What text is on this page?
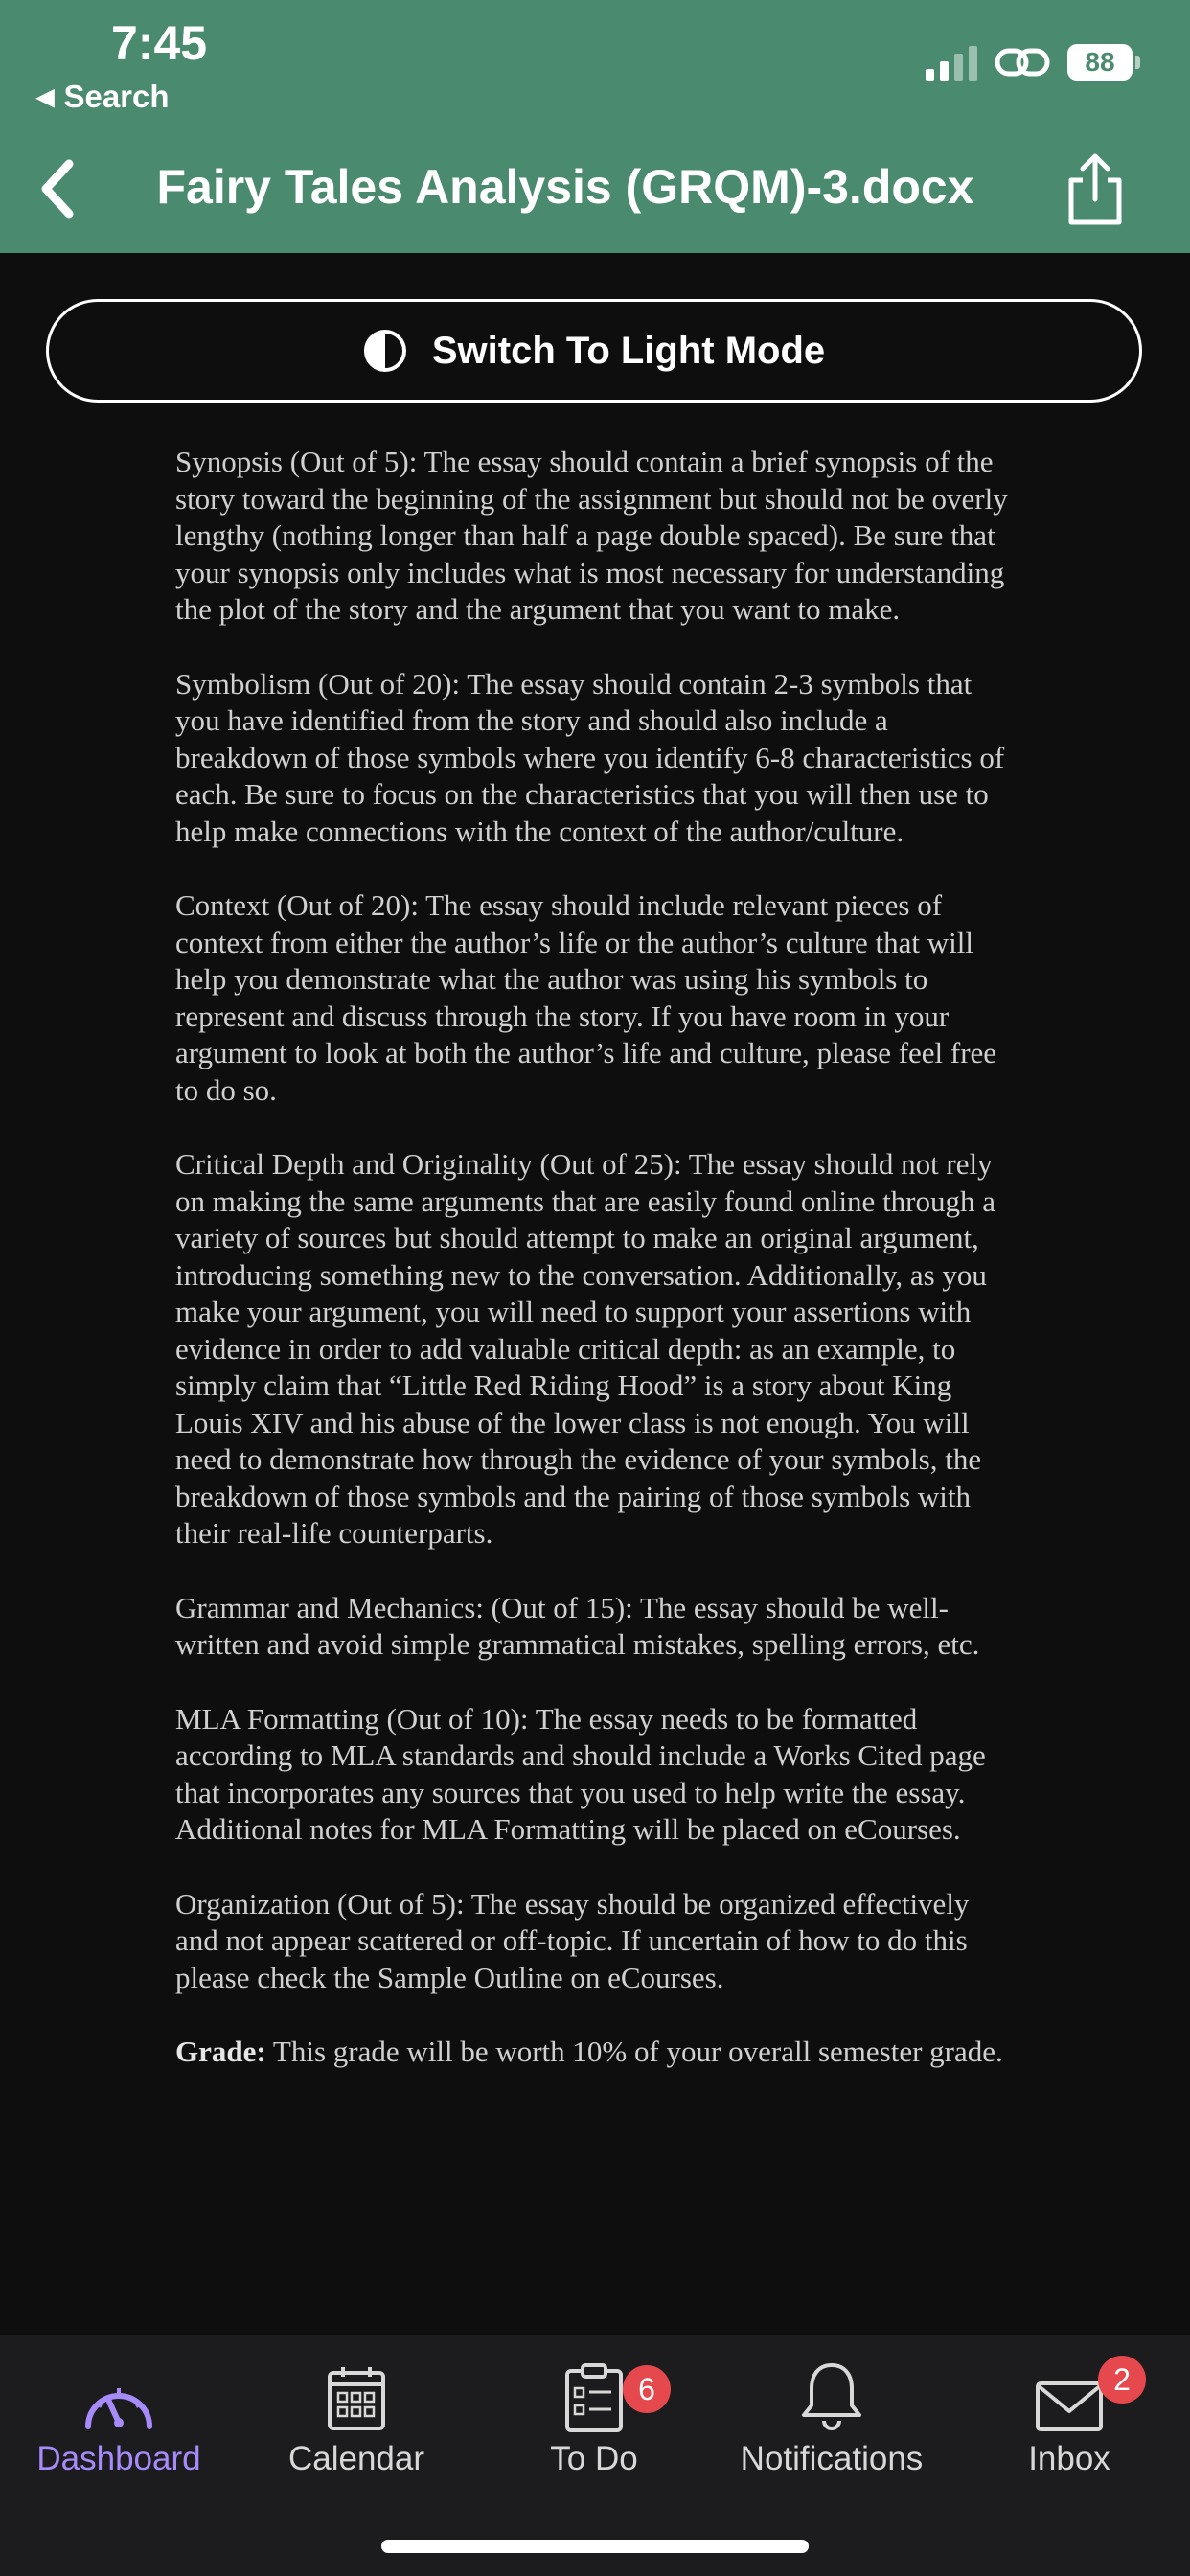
7:45
◀ Search
88
Fairy Tales Analysis (GRQM)-3.docx
Switch To Light Mode

Synopsis (Out of 5): The essay should contain a brief synopsis of the story toward the beginning of the assignment but should not be overly lengthy (nothing longer than half a page double spaced). Be sure that your synopsis only includes what is most necessary for understanding the plot of the story and the argument that you want to make.

Symbolism (Out of 20): The essay should contain 2-3 symbols that you have identified from the story and should also include a breakdown of those symbols where you identify 6-8 characteristics of each. Be sure to focus on the characteristics that you will then use to help make connections with the context of the author/culture.

Context (Out of 20): The essay should include relevant pieces of context from either the author’s life or the author’s culture that will help you demonstrate what the author was using his symbols to represent and discuss through the story. If you have room in your argument to look at both the author’s life and culture, please feel free to do so.

Critical Depth and Originality (Out of 25): The essay should not rely on making the same arguments that are easily found online through a variety of sources but should attempt to make an original argument, introducing something new to the conversation. Additionally, as you make your argument, you will need to support your assertions with evidence in order to add valuable critical depth: as an example, to simply claim that “Little Red Riding Hood” is a story about King Louis XIV and his abuse of the lower class is not enough. You will need to demonstrate how through the evidence of your symbols, the breakdown of those symbols and the pairing of those symbols with their real-life counterparts.

Grammar and Mechanics: (Out of 15): The essay should be well-written and avoid simple grammatical mistakes, spelling errors, etc.

MLA Formatting (Out of 10): The essay needs to be formatted according to MLA standards and should include a Works Cited page that incorporates any sources that you used to help write the essay. Additional notes for MLA Formatting will be placed on eCourses.

Organization (Out of 5): The essay should be organized effectively and not appear scattered or off-topic. If uncertain of how to do this please check the Sample Outline on eCourses.

Grade: This grade will be worth 10% of your overall semester grade.

Dashboard	Calendar
6
To Do	Notifications
2
Inbox
